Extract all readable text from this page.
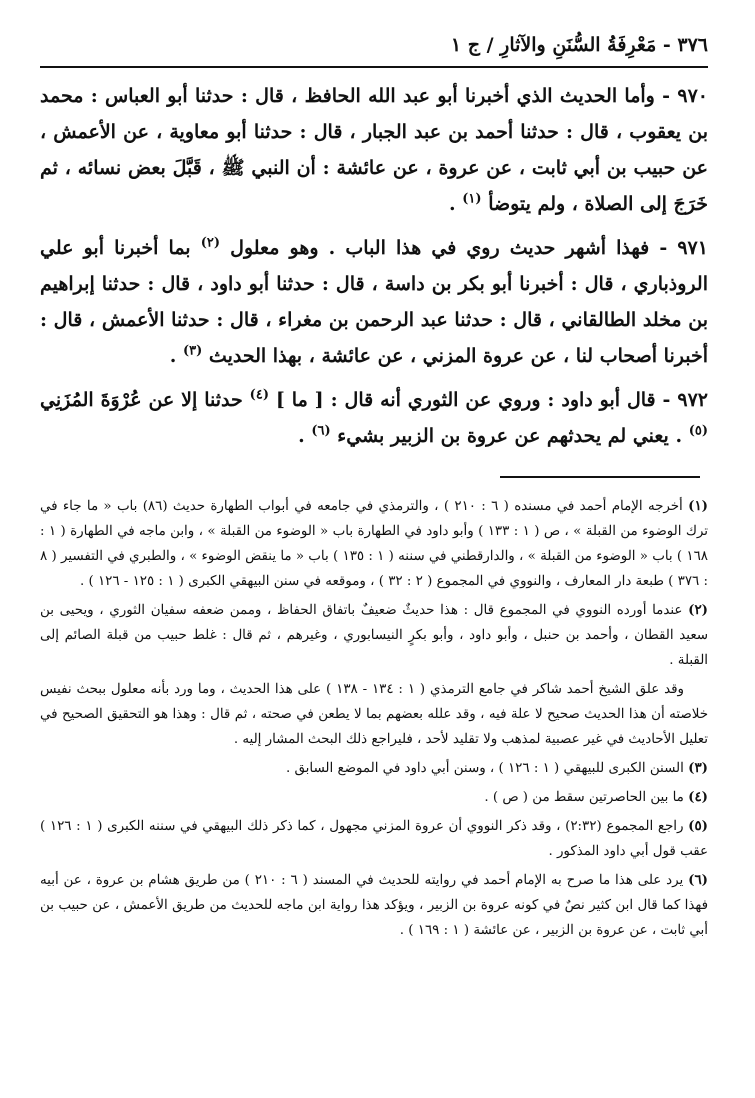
٣٧٦ - مَعْرِفَةُ السُّنَنِ والآثارِ / ج ١

٩٧٠ - وأما الحديث الذي أخبرنا أبو عبد الله الحافظ ، قال : حدثنا أبو العباس : محمد بن يعقوب ، قال : حدثنا أحمد بن عبد الجبار ، قال : حدثنا أبو معاوية ، عن الأعمش ، عن حبيب بن أبي ثابت ، عن عروة ، عن عائشة : أن النبي ﷺ ، قَبَّلَ بعض نسائه ، ثم خَرَجَ إلى الصلاة ، ولم يتوضأ $^{(١)}$ .

٩٧١ - فهذا أشهر حديث روي في هذا الباب . وهو معلول $^{(٢)}$ بما أخبرنا أبو علي الروذباري ، قال : أخبرنا أبو بكر بن داسة ، قال : حدثنا أبو داود ، قال : حدثنا إبراهيم بن مخلد الطالقاني ، قال : حدثنا عبد الرحمن بن مغراء ، قال : حدثنا الأعمش ، قال : أخبرنا أصحاب لنا ، عن عروة المزني ، عن عائشة ، بهذا الحديث $^{(٣)}$ .

٩٧٢ - قال أبو داود : وروي عن الثوري أنه قال : [ ما ] $^{(٤)}$ حدثنا إلا عن عُرْوَةَ المُزَنِي $^{(٥)}$ . يعني لم يحدثهم عن عروة بن الزبير بشيء $^{(٦)}$ .

(١) أخرجه الإمام أحمد في مسنده ( ٦ : ٢١٠ ) ، والترمذي في جامعه في أبواب الطهارة حديث (٨٦) باب « ما جاء في ترك الوضوء من القبلة » ، ص ( ١ : ١٣٣ ) وأبو داود في الطهارة باب « الوضوء من القبلة » ، وابن ماجه في الطهارة ( ١ : ١٦٨ ) باب « الوضوء من القبلة » ، والدارقطني في سننه ( ١ : ١٣٥ ) باب « ما ينقض الوضوء » ، والطبري في التفسير ( ٨ : ٣٧٦ ) طبعة دار المعارف ، والنووي في المجموع ( ٢ : ٣٢ ) ، وموقعه في سنن البيهقي الكبرى ( ١ : ١٢٥ - ١٢٦ ) .

(٢) عندما أورده النووي في المجموع قال : هذا حديثٌ ضعيفٌ باتفاق الحفاظ ، وممن ضعفه سفيان الثوري ، ويحيى بن سعيد القطان ، وأحمد بن حنبل ، وأبو داود ، وأبو بكرٍ النيسابوري ، وغيرهم ، ثم قال : غلط حبيب من قبلة الصائم إلى القبلة .

وقد علق الشيخ أحمد شاكر في جامع الترمذي ( ١ : ١٣٤ - ١٣٨ ) على هذا الحديث ، وما ورد بأنه معلول ببحث نفيس خلاصته أن هذا الحديث صحيح لا علة فيه ، وقد علله بعضهم بما لا يطعن في صحته ، ثم قال : وهذا هو التحقيق الصحيح في تعليل الأحاديث في غير عصبية لمذهب ولا تقليد لأحد ، فليراجع ذلك البحث المشار إليه .

(٣) السنن الكبرى للبيهقي ( ١ : ١٢٦ ) ، وسنن أبي داود في الموضع السابق .

(٤) ما بين الحاصرتين سقط من ( ص ) .

(٥) راجع المجموع (٢:٣٢) ، وقد ذكر النووي أن عروة المزني مجهول ، كما ذكر ذلك البيهقي في سننه الكبرى ( ١ : ١٢٦ ) عقب قول أبي داود المذكور .

(٦) يرد على هذا ما صرح به الإمام أحمد في روايته للحديث في المسند ( ٦ : ٢١٠ ) من طريق هشام بن عروة ، عن أبيه فهذا كما قال ابن كثير نصٌ في كونه عروة بن الزبير ، ويؤكد هذا رواية ابن ماجه للحديث من طريق الأعمش ، عن حبيب بن أبي ثابت ، عن عروة بن الزبير ، عن عائشة ( ١ : ١٦٩ ) .
